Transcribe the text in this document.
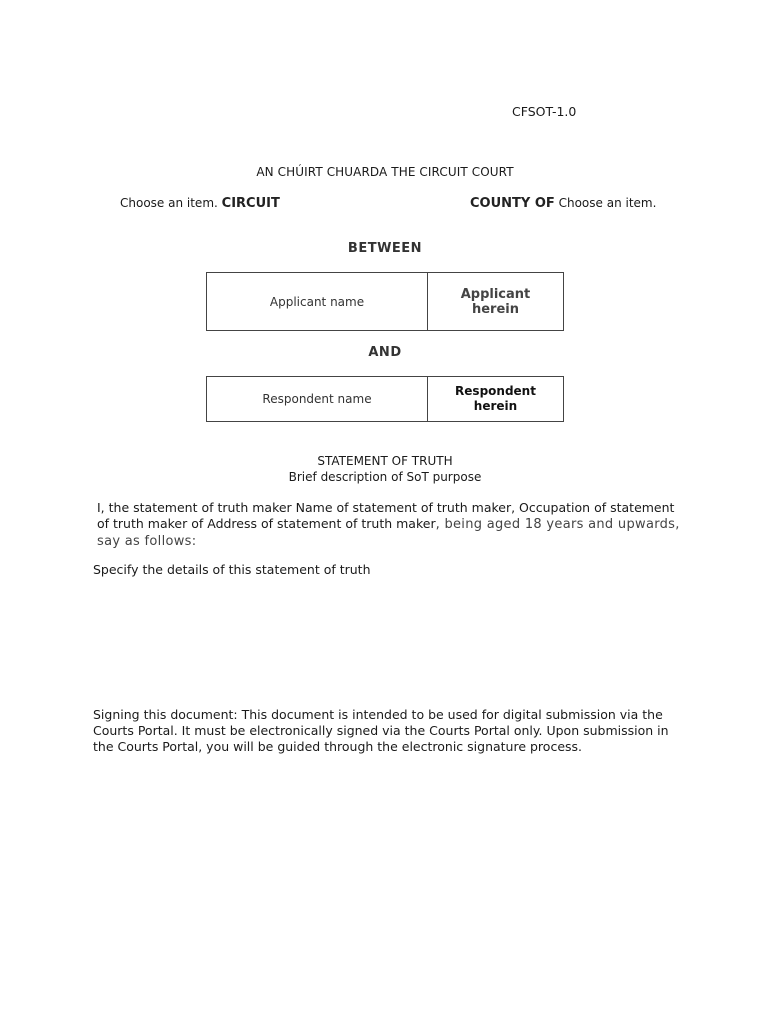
CFSOT-1.0
AN CHÚIRT CHUARDA THE CIRCUIT COURT
Choose an item. CIRCUIT	COUNTY OF Choose an item.
BETWEEN
Applicant name	Applicant herein
AND
Respondent name
Respondent herein
STATEMENT OF TRUTH
Brief description of SoT purpose
I, the statement of truth maker Name of statement of truth maker, Occupation of statement of truth maker of Address of statement of truth maker, being aged 18 years and upwards, say as follows:
Specify the details of this statement of truth
Signing this document: This document is intended to be used for digital submission via the Courts Portal. It must be electronically signed via the Courts Portal only. Upon submission in the Courts Portal, you will be guided through the electronic signature process.
